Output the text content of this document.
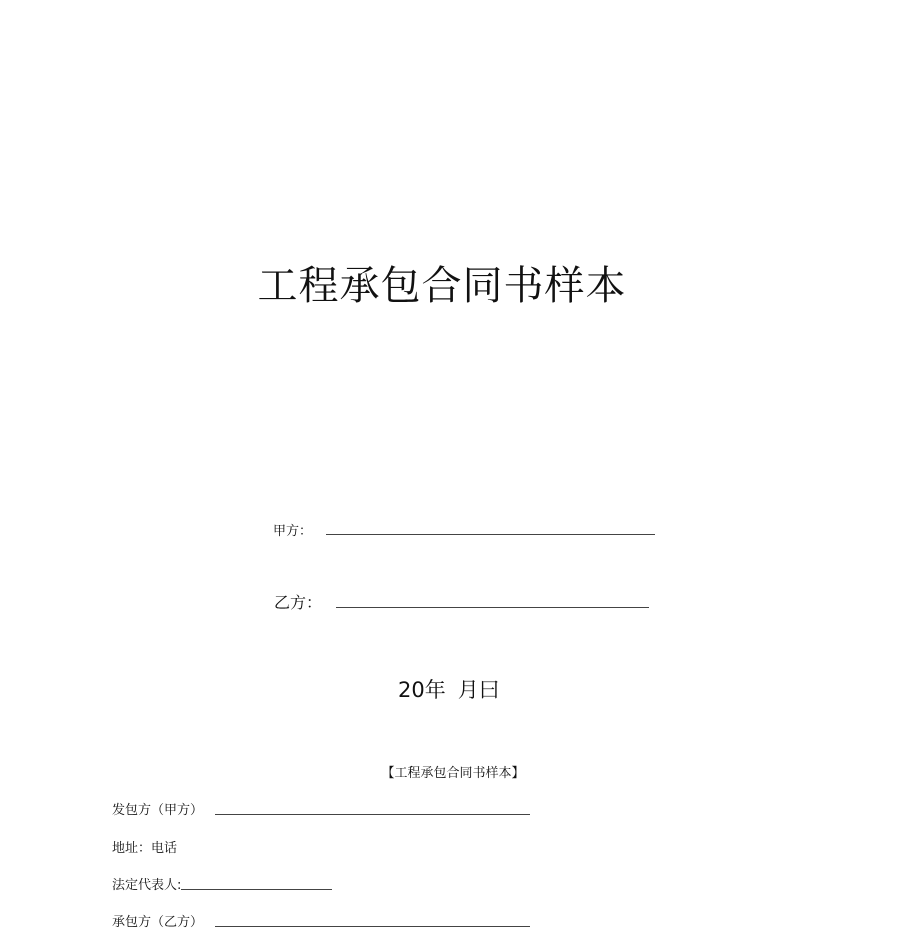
工程承包合同书样本
甲方：
乙方：
20年 月曰
【工程承包合同书样本】
发包方（甲方）
地址：电话
法定代表人:
承包方（乙方）
